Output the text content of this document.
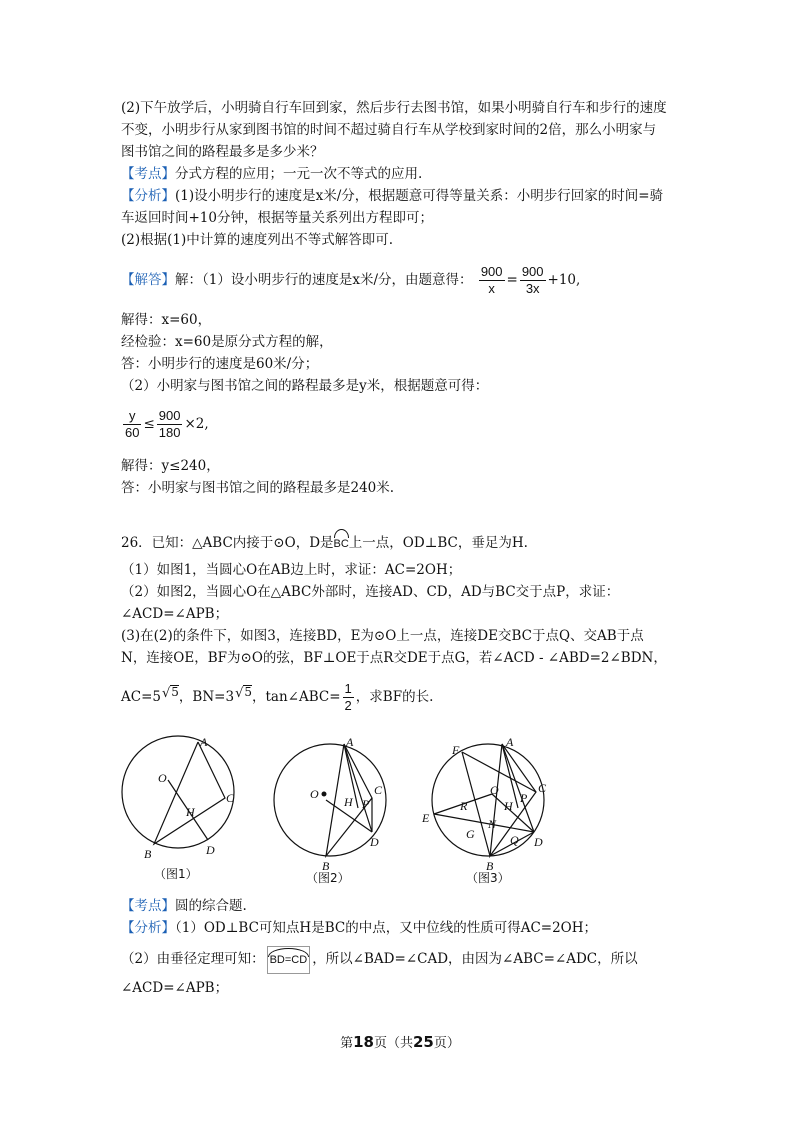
(2)下午放学后，小明骑自行车回到家，然后步行去图书馆，如果小明骑自行车和步行的速度
不变，小明步行从家到图书馆的时间不超过骑自行车从学校到家时间的2倍，那么小明家与
图书馆之间的路程最多是多少米？
【考点】分式方程的应用；一元一次不等式的应用.
【分析】(1)设小明步行的速度是x米/分，根据题意可得等量关系：小明步行回家的时间=骑
车返回时间+10分钟，根据等量关系列出方程即可；
(2)根据(1)中计算的速度列出不等式解答即可.
【解答】解：（1）设小明步行的速度是x米/分，由题意得： $\frac{900}{x} = \frac{900}{3x} +10$,
解得：x=60，
经检验：x=60是原分式方程的解，
答：小明步行的速度是60米/分；
（2）小明家与图书馆之间的路程最多是y米，根据题意可得：
$\frac{y}{60} \le \frac{900}{180} \times 2$,
解得：y≤240，
答：小明家与图书馆之间的路程最多是240米.
26．已知：△ABC内接于⊙O，D是BC上一点，OD⊥BC，垂足为H.
（1）如图1，当圆心O在AB边上时，求证：AC=2OH；
（2）如图2，当圆心O在△ABC外部时，连接AD、CD，AD与BC交于点P，求证：
∠ACD=∠APB；
(3)在(2)的条件下，如图3，连接BD，E为⊙O上一点，连接DE交BC于点Q、交AB于点
N，连接OE，BF为⊙O的弦，BF⊥OE于点R交DE于点G，若∠ACD - ∠ABD=2∠BDN，
AC=5√5，BN=3√5，tan∠ABC= $\frac{1}{2}$ ，求BF的长.
A
B
C
D
O
H
（图1）
A
B
C
D
O
H P
（图2）
A
B
C
D
E
F
G
H
N
O
P
Q
R
（图3）
【考点】圆的综合题.
【分析】（1）OD⊥BC可知点H是BC的中点，又中位线的性质可得AC=2OH；
（2）由垂径定理可知： BD=CD ，所以∠BAD=∠CAD，由因为∠ABC=∠ADC，所以
∠ACD=∠APB；
第18页（共25页）
